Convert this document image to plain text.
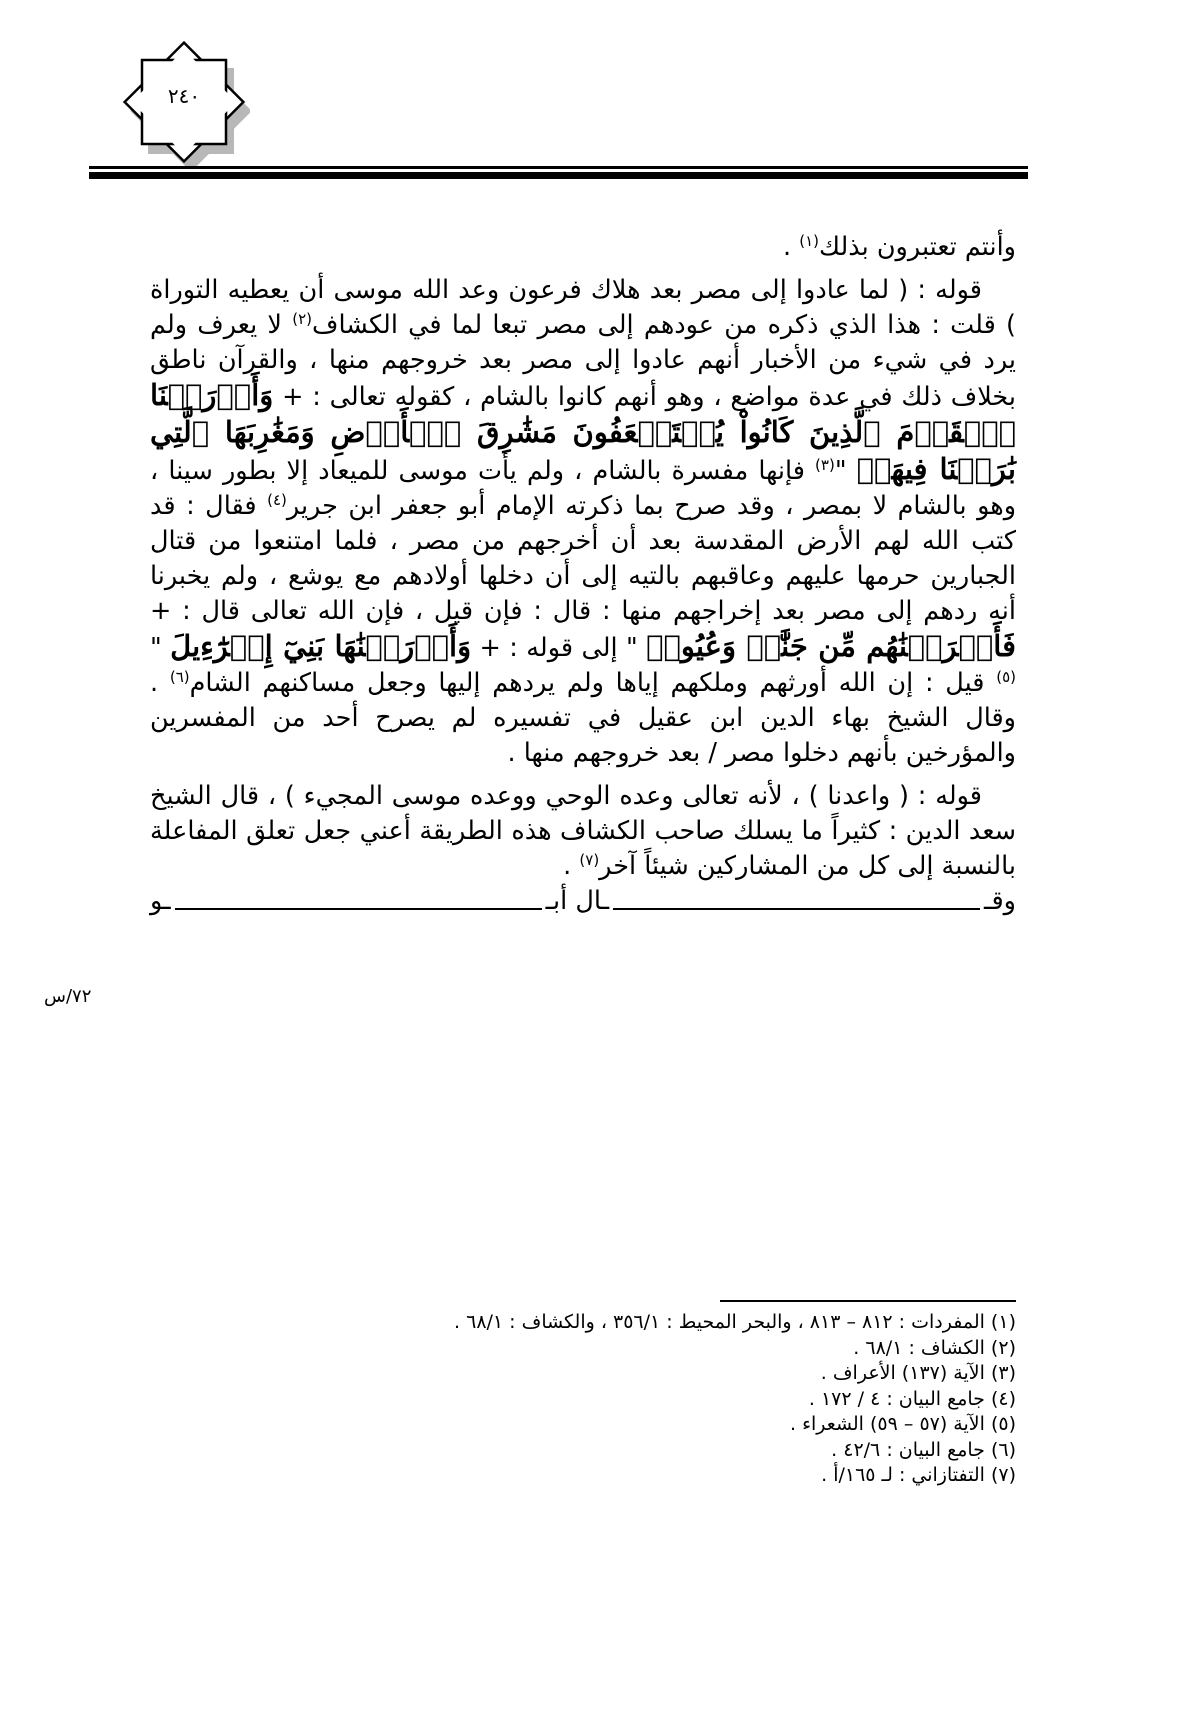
٢٤٠

وأنتم تعتبرون بذلك$^{(١)}$ .

قوله : ( لما عادوا إلى مصر بعد هلاك فرعون وعد الله موسى أن يعطيه التوراة ) قلت : هذا الذي ذكره من عودهم إلى مصر تبعا لما في الكشاف$^{(٢)}$ لا يعرف ولم يرد في شيء من الأخبار أنهم عادوا إلى مصر بعد خروجهم منها ، والقرآن ناطق بخلاف ذلك في عدة مواضع ، وهو أنهم كانوا بالشام ، كقوله تعالى : + وَأَوۡرَثۡنَا ٱلۡقَوۡمَ ٱلَّذِينَ كَانُواْ يُسۡتَضۡعَفُونَ مَشَٰرِقَ ٱلۡأَرۡضِ وَمَغَٰرِبَهَا ٱلَّتِي بَٰرَكۡنَا فِيهَاۖ "$^{(٣)}$ فإنها مفسرة بالشام ، ولم يأت موسى للميعاد إلا بطور سينا ، وهو بالشام لا بمصر ، وقد صرح بما ذكرته الإمام أبو جعفر ابن جرير$^{(٤)}$ فقال : قد كتب الله لهم الأرض المقدسة بعد أن أخرجهم من مصر ، فلما امتنعوا من قتال الجبارين حرمها عليهم وعاقبهم بالتيه إلى أن دخلها أولادهم مع يوشع ، ولم يخبرنا أنه ردهم إلى مصر بعد إخراجهم منها : قال : فإن قيل ، فإن الله تعالى قال : + فَأَخۡرَجۡنَٰهُم مِّن جَنَّٰتٖ وَعُيُونٖ " إلى قوله : + وَأَوۡرَثۡنَٰهَا بَنِيٓ إِسۡرَٰٓءِيلَ "$^{(٥)}$ قيل : إن الله أورثهم وملكهم إياها ولم يردهم إليها وجعل مساكنهم الشام$^{(٦)}$ . وقال الشيخ بهاء الدين ابن عقيل في تفسيره لم يصرح أحد من المفسرين والمؤرخين بأنهم دخلوا مصر / بعد خروجهم منها .

قوله : ( واعدنا ) ، لأنه تعالى وعده الوحي ووعده موسى المجيء ) ، قال الشيخ سعد الدين : كثيراً ما يسلك صاحب الكشاف هذه الطريقة أعني جعل تعلق المفاعلة بالنسبة إلى كل من المشاركين شيئاً آخر$^{(٧)}$ .

وقـ
ـال أبـ
ـو
٧٢/س
(١) المفردات : ٨١٢ – ٨١٣ ، والبحر المحيط : ٣٥٦/١ ، والكشاف : ٦٨/١ .
(٢) الكشاف : ٦٨/١ .
(٣) الآية (١٣٧) الأعراف .
(٤) جامع البيان : ٤ / ١٧٢ .
(٥) الآية (٥٧ – ٥٩) الشعراء .
(٦) جامع البيان : ٤٢/٦ .
(٧) التفتازاني : لـ ١٦٥/أ .
